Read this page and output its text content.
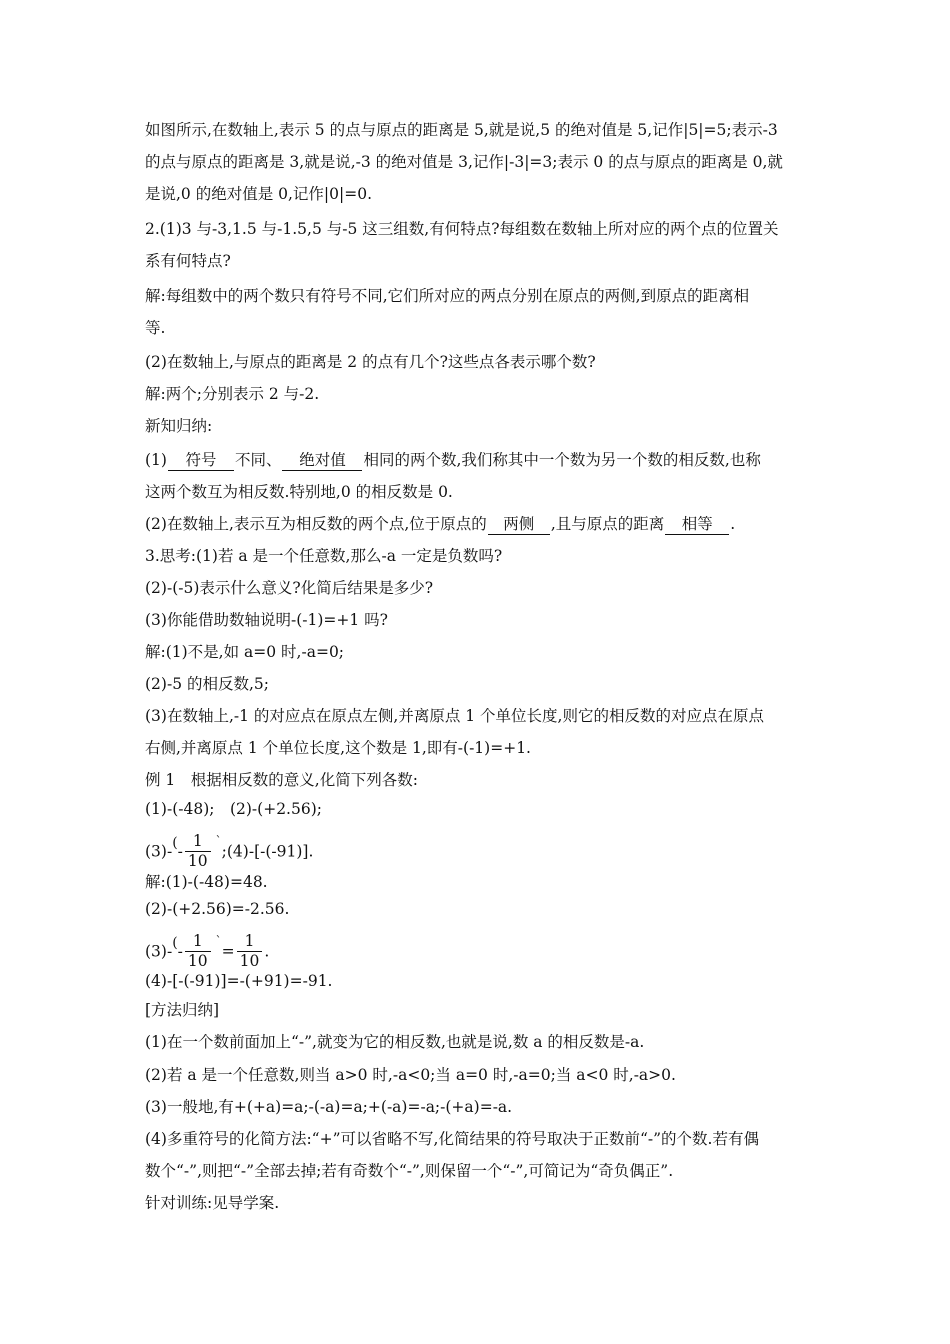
如图所示,在数轴上,表示 5 的点与原点的距离是 5,就是说,5 的绝对值是 5,记作|5|=5;表示-3
的点与原点的距离是 3,就是说,-3 的绝对值是 3,记作|-3|=3;表示 0 的点与原点的距离是 0,就
是说,0 的绝对值是 0,记作|0|=0.
2.(1)3 与-3,1.5 与-1.5,5 与-5 这三组数,有何特点?每组数在数轴上所对应的两个点的位置关
系有何特点?
解:每组数中的两个数只有符号不同,它们所对应的两点分别在原点的两侧,到原点的距离相
等.
(2)在数轴上,与原点的距离是 2 的点有几个?这些点各表示哪个数?
解:两个;分别表示 2 与-2.
新知归纳:
(1) 符号 不同、 绝对值 相同的两个数,我们称其中一个数为另一个数的相反数,也称
这两个数互为相反数.特别地,0 的相反数是 0.
(2)在数轴上,表示互为相反数的两个点,位于原点的 两侧 ,且与原点的距离 相等 .
3.思考:(1)若 a 是一个任意数,那么-a 一定是负数吗?
(2)-(-5)表示什么意义?化简后结果是多少?
(3)你能借助数轴说明-(-1)=+1 吗?
解:(1)不是,如 a=0 时,-a=0;
(2)-5 的相反数,5;
(3)在数轴上,-1 的对应点在原点左侧,并离原点 1 个单位长度,则它的相反数的对应点在原点
右侧,并离原点 1 个单位长度,这个数是 1,即有-(-1)=+1.
例 1　根据相反数的意义,化简下列各数:
(1)-(-48);　(2)-(+2.56);
$(3)-(- \frac{1}{10}$ `;(4)-[-(-91)].
解:(1)-(-48)=48.
(2)-(+2.56)=-2.56.
$(3)-(- \frac{1}{10}$ `= $\frac{1}{10}$ .
(4)-[-(-91)]=-(+91)=-91.
[方法归纳]
(1)在一个数前面加上“-”,就变为它的相反数,也就是说,数 a 的相反数是-a.
(2)若 a 是一个任意数,则当 a>0 时,-a<0;当 a=0 时,-a=0;当 a<0 时,-a>0.
(3)一般地,有+(+a)=a;-(-a)=a;+(-a)=-a;-(+a)=-a.
(4)多重符号的化简方法:“+”可以省略不写,化简结果的符号取决于正数前“-”的个数.若有偶
数个“-”,则把“-”全部去掉;若有奇数个“-”,则保留一个“-”,可简记为“奇负偶正”.
针对训练:见导学案.
